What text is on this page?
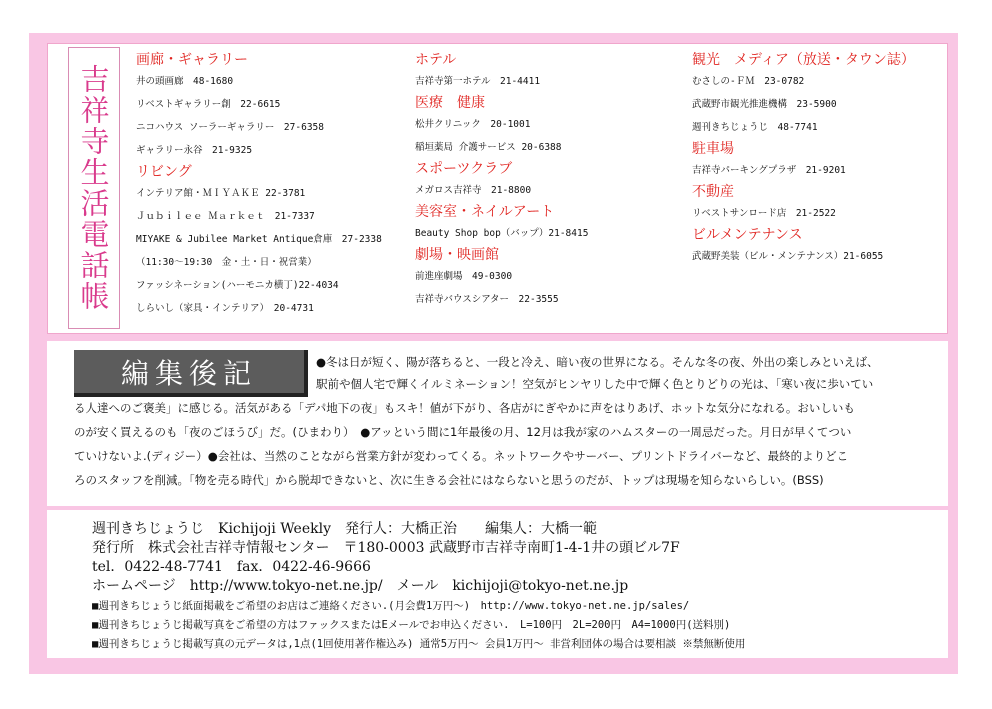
吉祥寺生活電話帳
画廊・ギャラリー
井の頭画廊　48-1680
リベストギャラリー創　22-6615
ニコハウス ソーラーギャラリー　27-6358
ギャラリー永谷　21-9325
リビング
インテリア館・ＭＩＹＡＫＥ 22-3781
Ｊｕｂｉｌｅｅ Ｍａｒｋｅｔ　21-7337
MIYAKE & Jubilee Market Antique倉庫　27-2338
（11:30～19:30　金・土・日・祝営業）
ファッシネーション(ハーモニカ横丁)22-4034
しらいし（家具・インテリア）　20-4731
ホテル
吉祥寺第一ホテル　21-4411
医療　健康
松井クリニック　20-1001
稲垣薬局 介護サービス 20-6388
スポーツクラブ
メガロス吉祥寺　21-8800
美容室・ネイルアート
Beauty Shop bop（バップ）21-8415
劇場・映画館
前進座劇場　49-0300
吉祥寺バウスシアター　22-3555
観光　メディア（放送・タウン誌）
むさしの-ＦＭ　23-0782
武蔵野市観光推進機構　23-5900
週刊きちじょうじ　48-7741
駐車場
吉祥寺パーキングプラザ　21-9201
不動産
リベストサンロード店　21-2522
ビルメンテナンス
武蔵野美装（ビル・メンテナンス）21-6055
編集後記	●冬は日が短く、陽が落ちると、一段と冷え、暗い夜の世界になる。そんな冬の夜、外出の楽しみといえば、
駅前や個人宅で輝くイルミネーション！空気がヒンヤリした中で輝く色とりどりの光は、「寒い夜に歩いてい
る人達へのご褒美」に感じる。活気がある「デパ地下の夜」もスキ！値が下がり、各店がにぎやかに声をはりあげ、ホットな気分になれる。おいしいも
のが安く買えるのも「夜のごほうび」だ。(ひまわり）　●アッという間に1年最後の月、12月は我が家のハムスターの一周忌だった。月日が早くてつい
ていけないよ.(ディジー）●会社は、当然のことながら営業方針が変わってくる。ネットワークやサーバー、プリントドライバーなど、最終的よりどこ
ろのスタッフを削減。「物を売る時代」から脱却できないと、次に生きる会社にはならないと思うのだが、トップは現場を知らないらしい。(BSS)
週刊きちじょうじ　Kichijoji Weekly　発行人：大橋正治　　編集人：大橋一範
発行所　株式会社吉祥寺情報センター　〒180-0003 武蔵野市吉祥寺南町1-4-1井の頭ビル7F
tel．0422-48-7741　fax．0422-46-9666
ホームページ　http://www.tokyo-net.ne.jp/　メール　kichijoji@tokyo-net.ne.jp
■週刊きちじょうじ紙面掲載をご希望のお店はご連絡ください.(月会費1万円～)　http://www.tokyo-net.ne.jp/sales/
■週刊きちじょうじ掲載写真をご希望の方はファックスまたはEメールでお申込ください.　L=100円　2L=200円　A4=1000円(送料別)
■週刊きちじょうじ掲載写真の元データは,1点(1回使用著作権込み) 通常5万円～ 会員1万円～ 非営利団体の場合は要相談 ※禁無断使用
